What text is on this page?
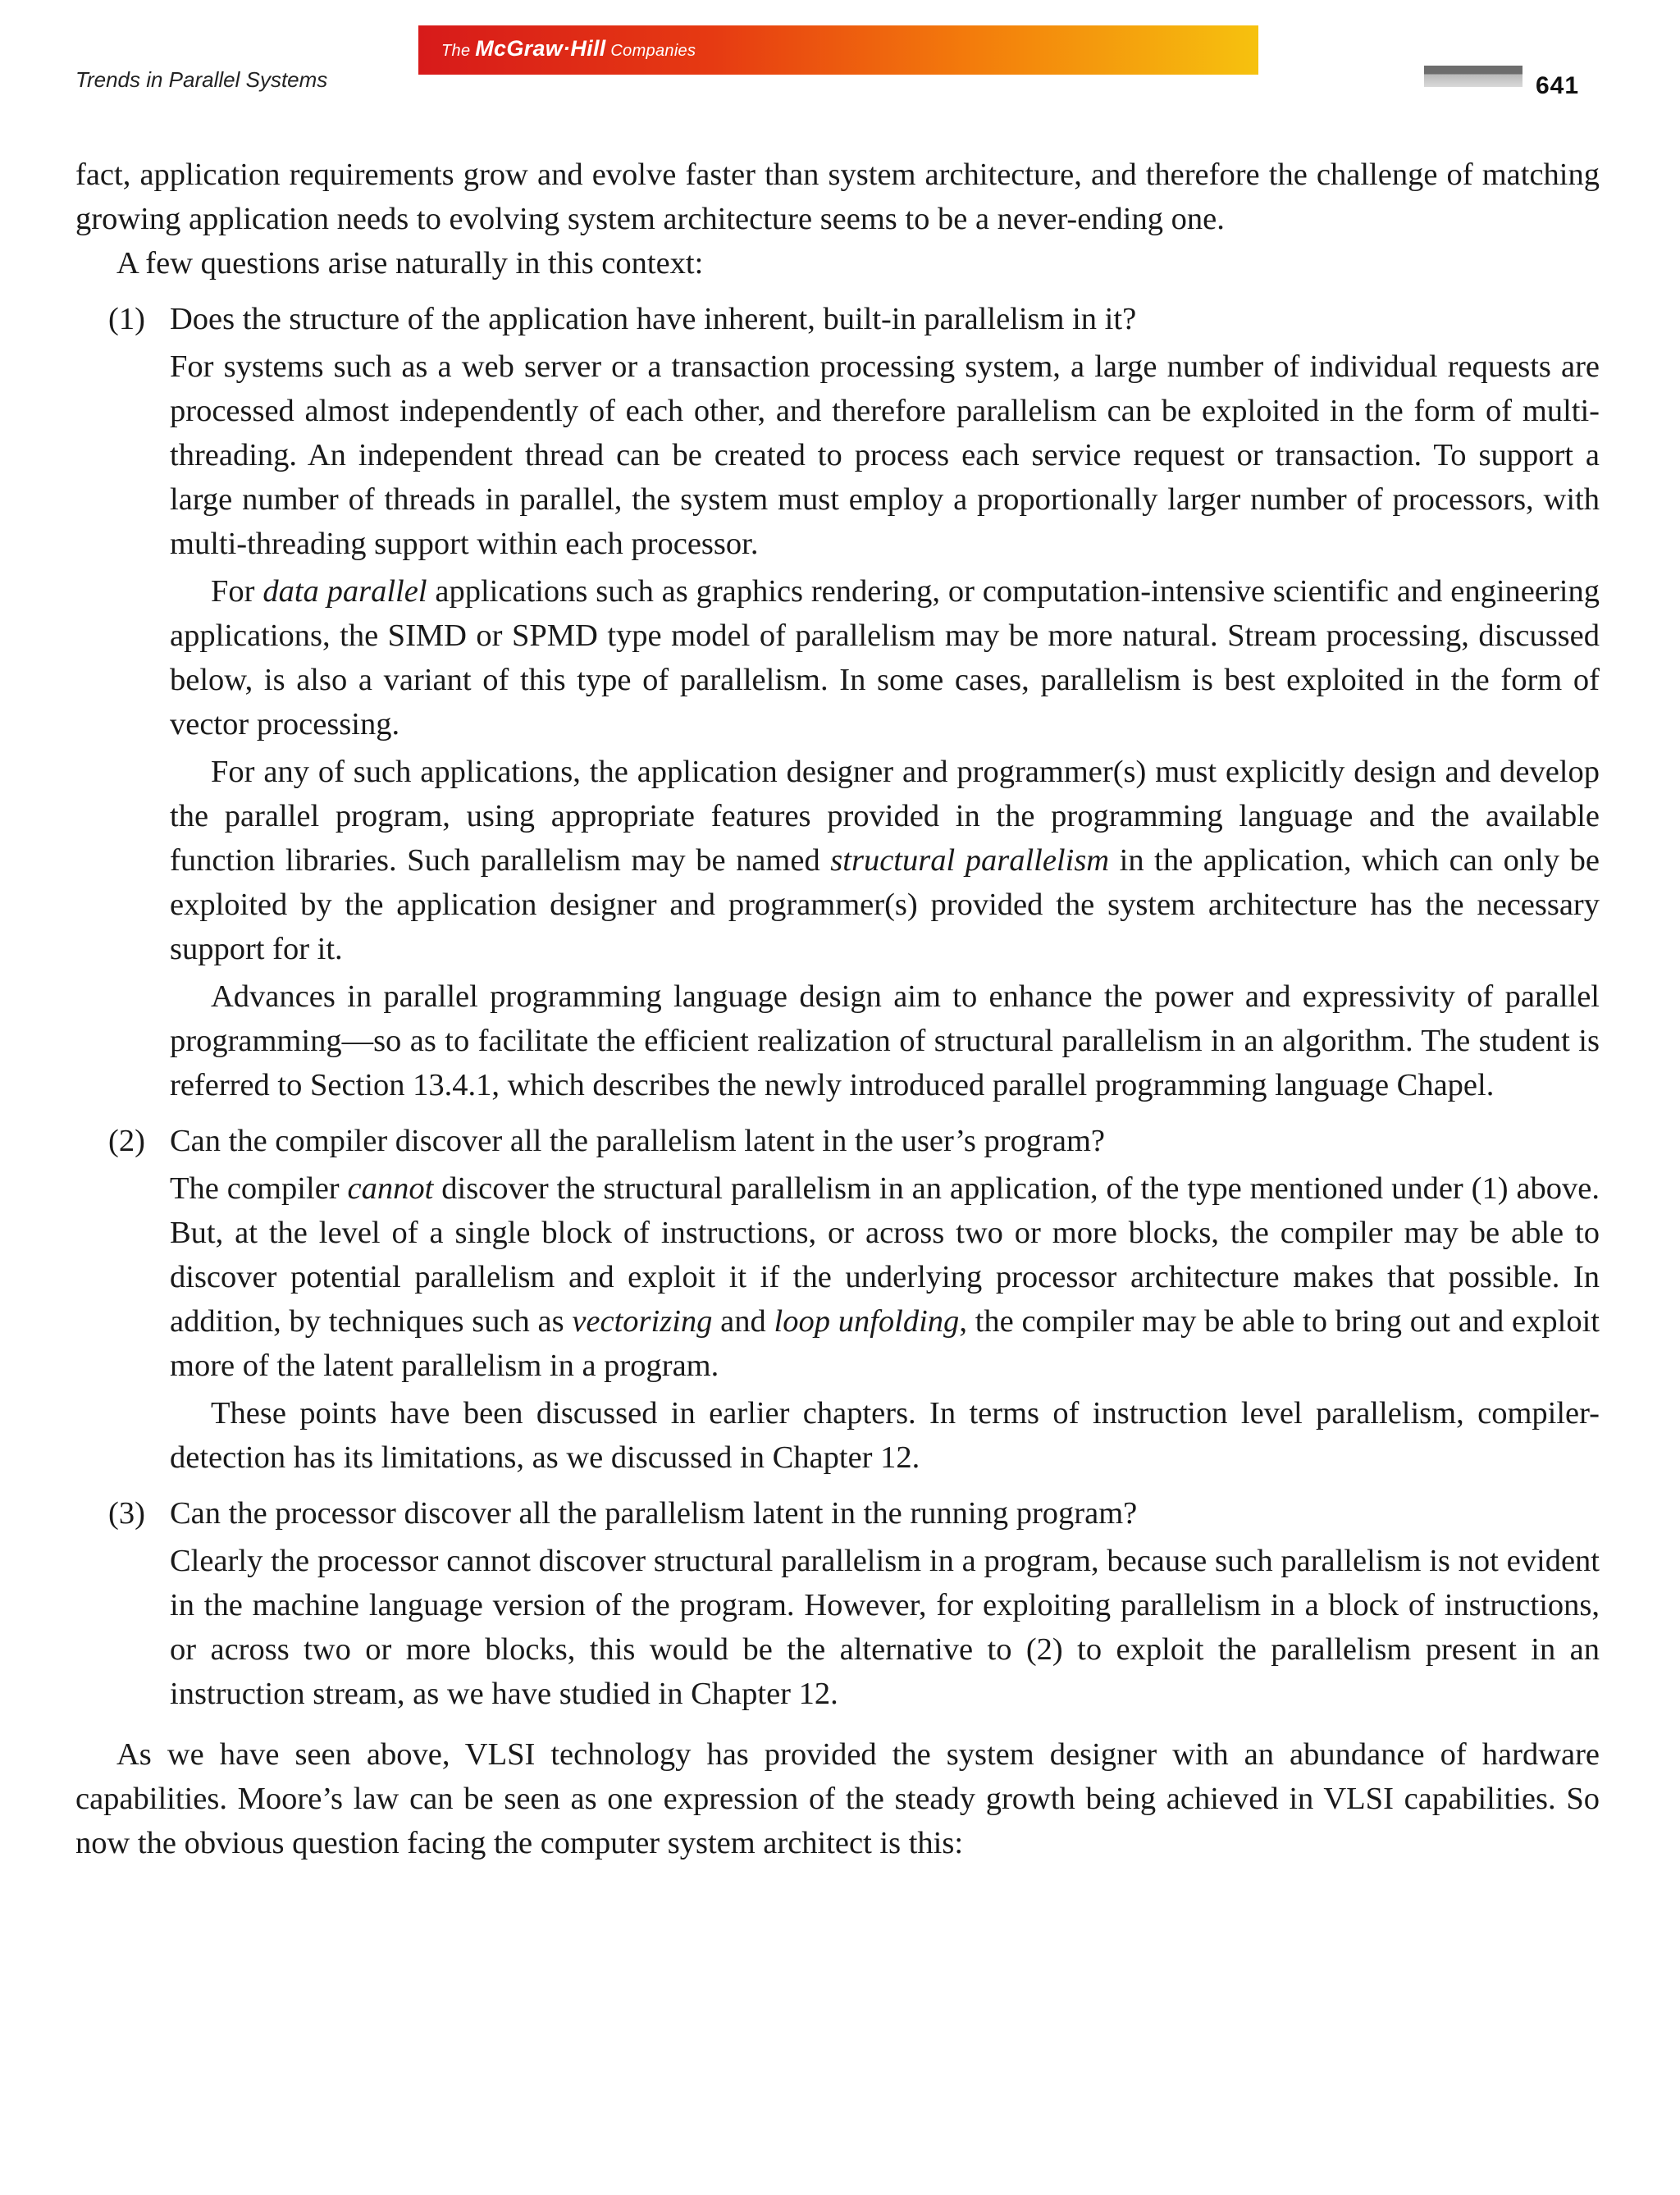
The McGraw·Hill Companies
Trends in Parallel Systems	641

fact, application requirements grow and evolve faster than system architecture, and therefore the challenge of matching growing application needs to evolving system architecture seems to be a never-ending one.

A few questions arise naturally in this context:

(1) Does the structure of the application have inherent, built-in parallelism in it?

For systems such as a web server or a transaction processing system, a large number of individual requests are processed almost independently of each other, and therefore parallelism can be exploited in the form of multi-threading. An independent thread can be created to process each service request or transaction. To support a large number of threads in parallel, the system must employ a proportionally larger number of processors, with multi-threading support within each processor.

For data parallel applications such as graphics rendering, or computation-intensive scientific and engineering applications, the SIMD or SPMD type model of parallelism may be more natural. Stream processing, discussed below, is also a variant of this type of parallelism. In some cases, parallelism is best exploited in the form of vector processing.

For any of such applications, the application designer and programmer(s) must explicitly design and develop the parallel program, using appropriate features provided in the programming language and the available function libraries. Such parallelism may be named structural parallelism in the application, which can only be exploited by the application designer and programmer(s) provided the system architecture has the necessary support for it.

Advances in parallel programming language design aim to enhance the power and expressivity of parallel programming—so as to facilitate the efficient realization of structural parallelism in an algorithm. The student is referred to Section 13.4.1, which describes the newly introduced parallel programming language Chapel.

(2) Can the compiler discover all the parallelism latent in the user’s program?

The compiler cannot discover the structural parallelism in an application, of the type mentioned under (1) above. But, at the level of a single block of instructions, or across two or more blocks, the compiler may be able to discover potential parallelism and exploit it if the underlying processor architecture makes that possible. In addition, by techniques such as vectorizing and loop unfolding, the compiler may be able to bring out and exploit more of the latent parallelism in a program.

These points have been discussed in earlier chapters. In terms of instruction level parallelism, compiler-detection has its limitations, as we discussed in Chapter 12.

(3) Can the processor discover all the parallelism latent in the running program?

Clearly the processor cannot discover structural parallelism in a program, because such parallelism is not evident in the machine language version of the program. However, for exploiting parallelism in a block of instructions, or across two or more blocks, this would be the alternative to (2) to exploit the parallelism present in an instruction stream, as we have studied in Chapter 12.

As we have seen above, VLSI technology has provided the system designer with an abundance of hardware capabilities. Moore’s law can be seen as one expression of the steady growth being achieved in VLSI capabilities. So now the obvious question facing the computer system architect is this:
